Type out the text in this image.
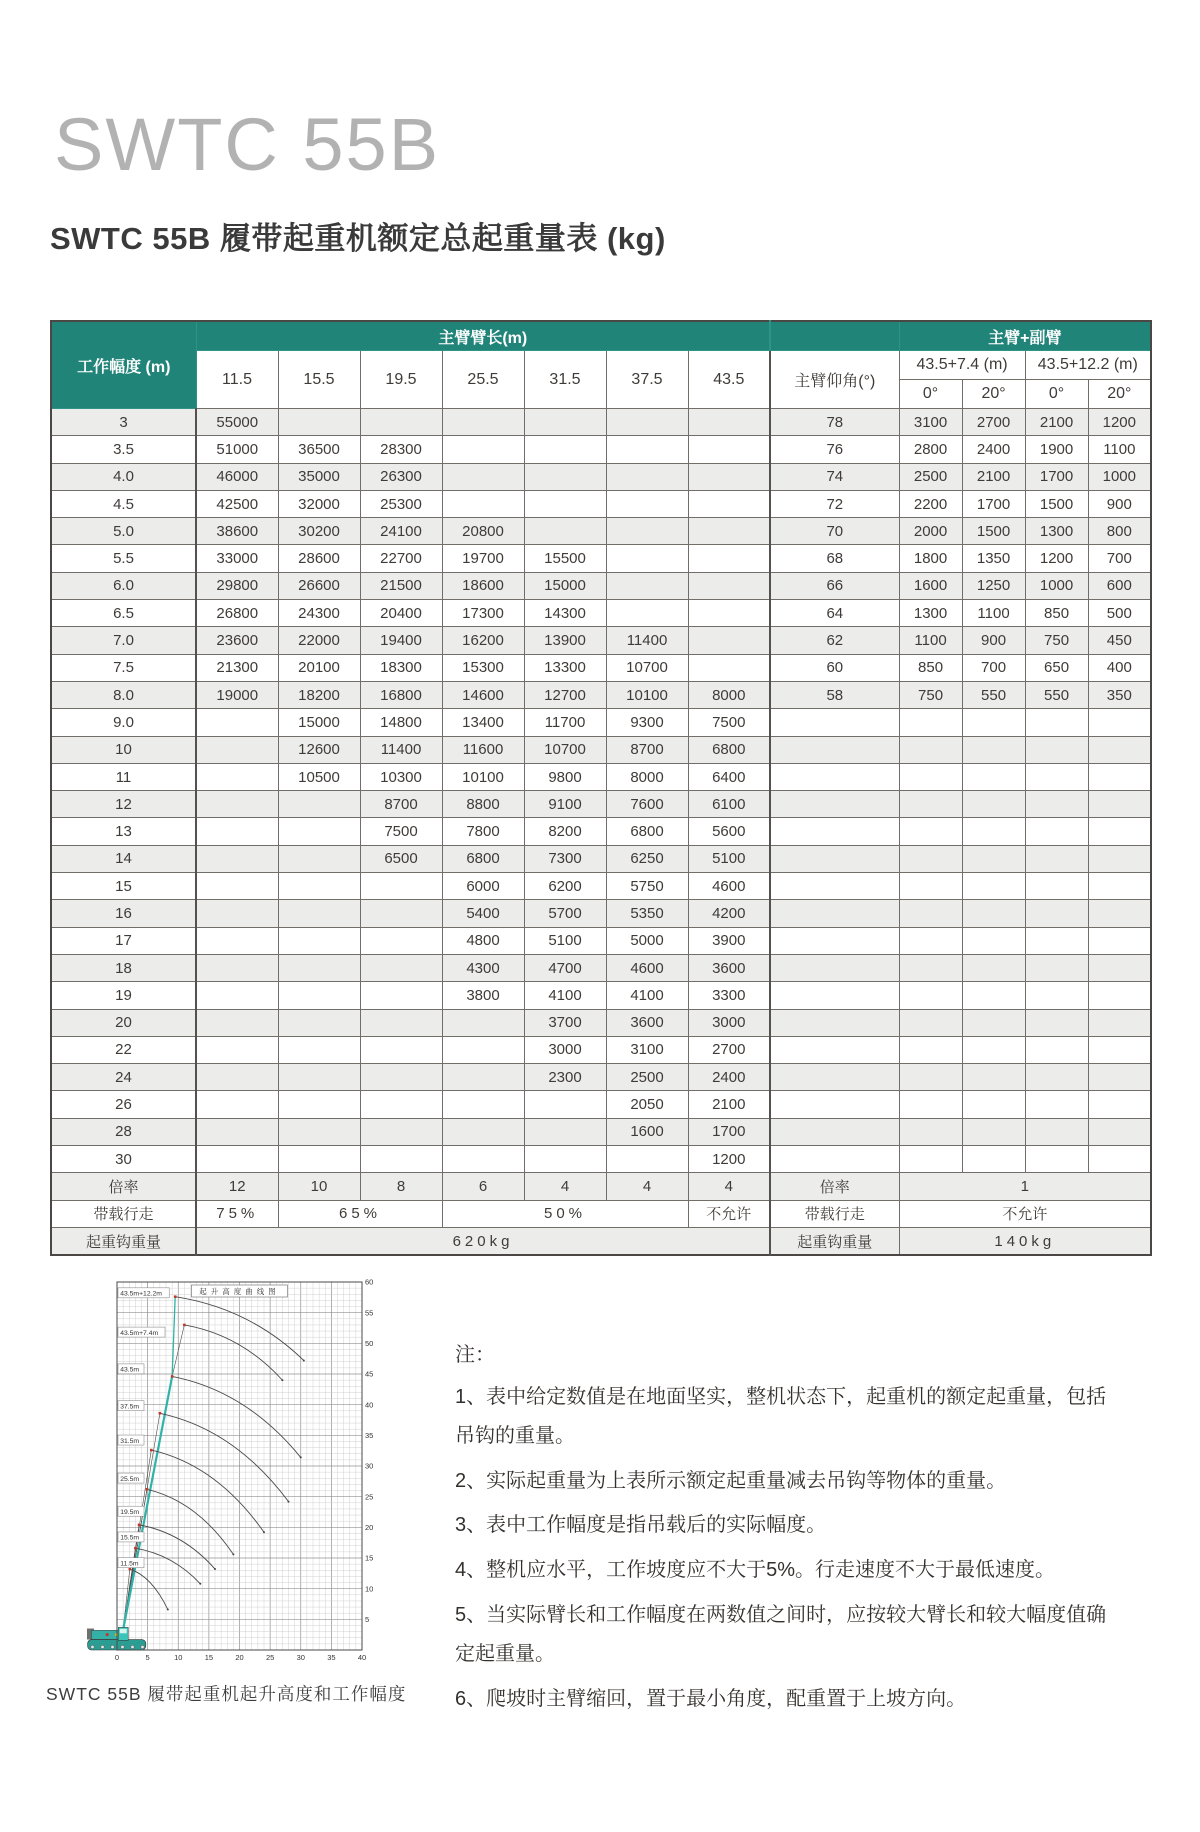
SWTC 55B
SWTC 55B 履带起重机额定总起重量表 (kg)
工作幅度 (m)	主臂臂长(m)								主臂+副臂			
	11.5	15.5	19.5	25.5	31.5	37.5	43.5	主臂仰角(°)	43.5+7.4 (m)		43.5+12.2 (m)	
									0°	20°	0°	20°
3	55000							78	3100	2700	2100	1200
3.5	51000	36500	28300					76	2800	2400	1900	1100
4.0	46000	35000	26300					74	2500	2100	1700	1000
4.5	42500	32000	25300					72	2200	1700	1500	900
5.0	38600	30200	24100	20800				70	2000	1500	1300	800
5.5	33000	28600	22700	19700	15500			68	1800	1350	1200	700
6.0	29800	26600	21500	18600	15000			66	1600	1250	1000	600
6.5	26800	24300	20400	17300	14300			64	1300	1100	850	500
7.0	23600	22000	19400	16200	13900	11400		62	1100	900	750	450
7.5	21300	20100	18300	15300	13300	10700		60	850	700	650	400
8.0	19000	18200	16800	14600	12700	10100	8000	58	750	550	550	350
9.0		15000	14800	13400	11700	9300	7500					
10		12600	11400	11600	10700	8700	6800					
11		10500	10300	10100	9800	8000	6400					
12			8700	8800	9100	7600	6100					
13			7500	7800	8200	6800	5600					
14			6500	6800	7300	6250	5100					
15				6000	6200	5750	4600					
16				5400	5700	5350	4200					
17				4800	5100	5000	3900					
18				4300	4700	4600	3600					
19				3800	4100	4100	3300					
20					3700	3600	3000					
22					3000	3100	2700					
24					2300	2500	2400					
26						2050	2100					
28						1600	1700					
30							1200					
倍率	12	10	8	6	4	4	4	倍率	1			
带载行走	75%	65%		50%			不允许	带载行走	不允许			
起重钩重量	620kg							起重钩重量	140kg			
0	5	10	15	20	25	30	35	40
5
10
15
20
25
30
35
40
45
50
55
60
43.5m+12.2m
43.5m+7.4m
43.5m
37.5m
31.5m
25.5m
19.5m
15.5m
11.5m
起升高度曲线图
SWTC 55B 履带起重机起升高度和工作幅度

注：

1、表中给定数值是在地面坚实，整机状态下，起重机的额定起重量，包括吊钩的重量。

2、实际起重量为上表所示额定起重量减去吊钩等物体的重量。

3、表中工作幅度是指吊载后的实际幅度。

4、整机应水平，工作坡度应不大于5%。行走速度不大于最低速度。

5、当实际臂长和工作幅度在两数值之间时，应按较大臂长和较大幅度值确定起重量。

6、爬坡时主臂缩回，置于最小角度，配重置于上坡方向。
